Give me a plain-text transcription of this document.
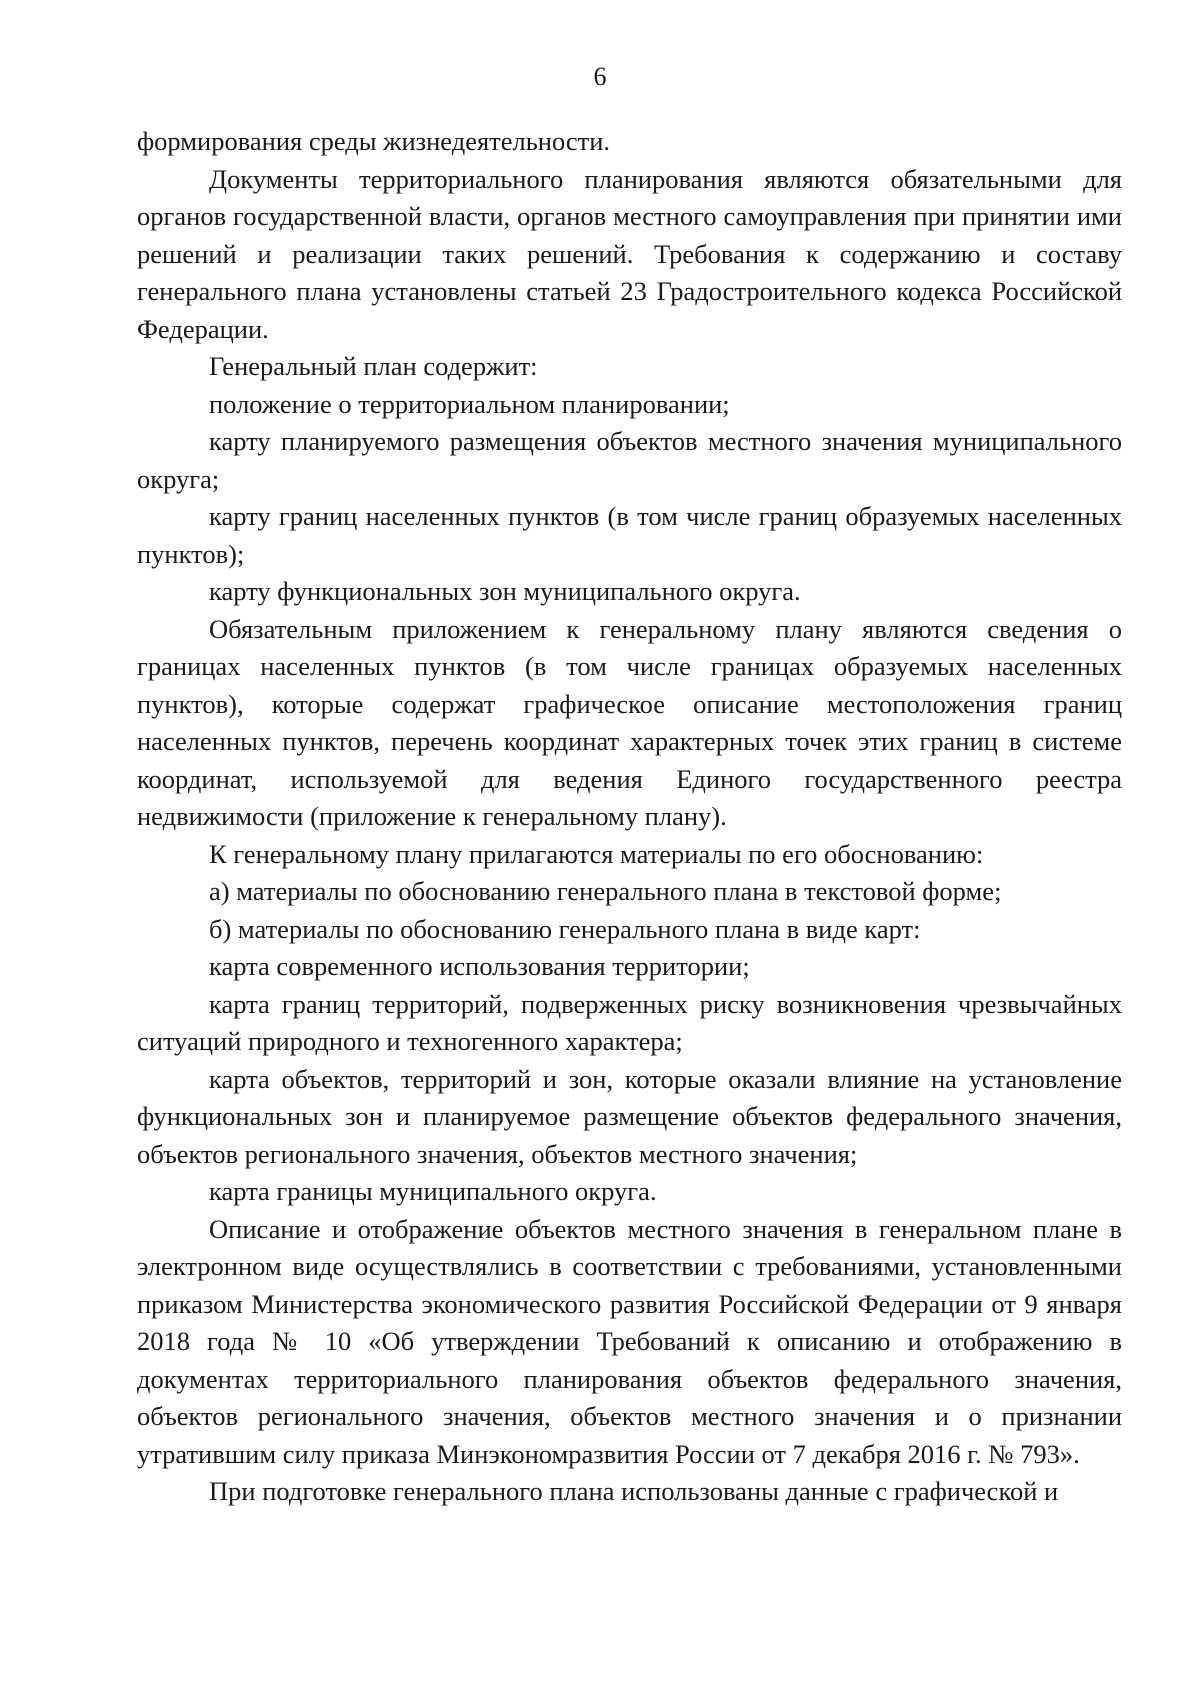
6

формирования среды жизнедеятельности.

Документы территориального планирования являются обязательными для органов государственной власти, органов местного самоуправления при принятии ими решений и реализации таких решений. Требования к содержанию и составу генерального плана установлены статьей 23 Градостроительного кодекса Российской Федерации.

Генеральный план содержит:

положение о территориальном планировании;

карту планируемого размещения объектов местного значения муниципального округа;

карту границ населенных пунктов (в том числе границ образуемых населенных пунктов);

карту функциональных зон муниципального округа.

Обязательным приложением к генеральному плану являются сведения о границах населенных пунктов (в том числе границах образуемых населенных пунктов), которые содержат графическое описание местоположения границ населенных пунктов, перечень координат характерных точек этих границ в системе координат, используемой для ведения Единого государственного реестра недвижимости (приложение к генеральному плану).

К генеральному плану прилагаются материалы по его обоснованию:

а) материалы по обоснованию генерального плана в текстовой форме;

б) материалы по обоснованию генерального плана в виде карт:

карта современного использования территории;

карта границ территорий, подверженных риску возникновения чрезвычайных ситуаций природного и техногенного характера;

карта объектов, территорий и зон, которые оказали влияние на установление функциональных зон и планируемое размещение объектов федерального значения, объектов регионального значения, объектов местного значения;

карта границы муниципального округа.

Описание и отображение объектов местного значения в генеральном плане в электронном виде осуществлялись в соответствии с требованиями, установленными приказом Министерства экономического развития Российской Федерации от 9 января 2018 года № 10 «Об утверждении Требований к описанию и отображению в документах территориального планирования объектов федерального значения, объектов регионального значения, объектов местного значения и о признании утратившим силу приказа Минэкономразвития России от 7 декабря 2016 г. № 793».

При подготовке генерального плана использованы данные с графической и
